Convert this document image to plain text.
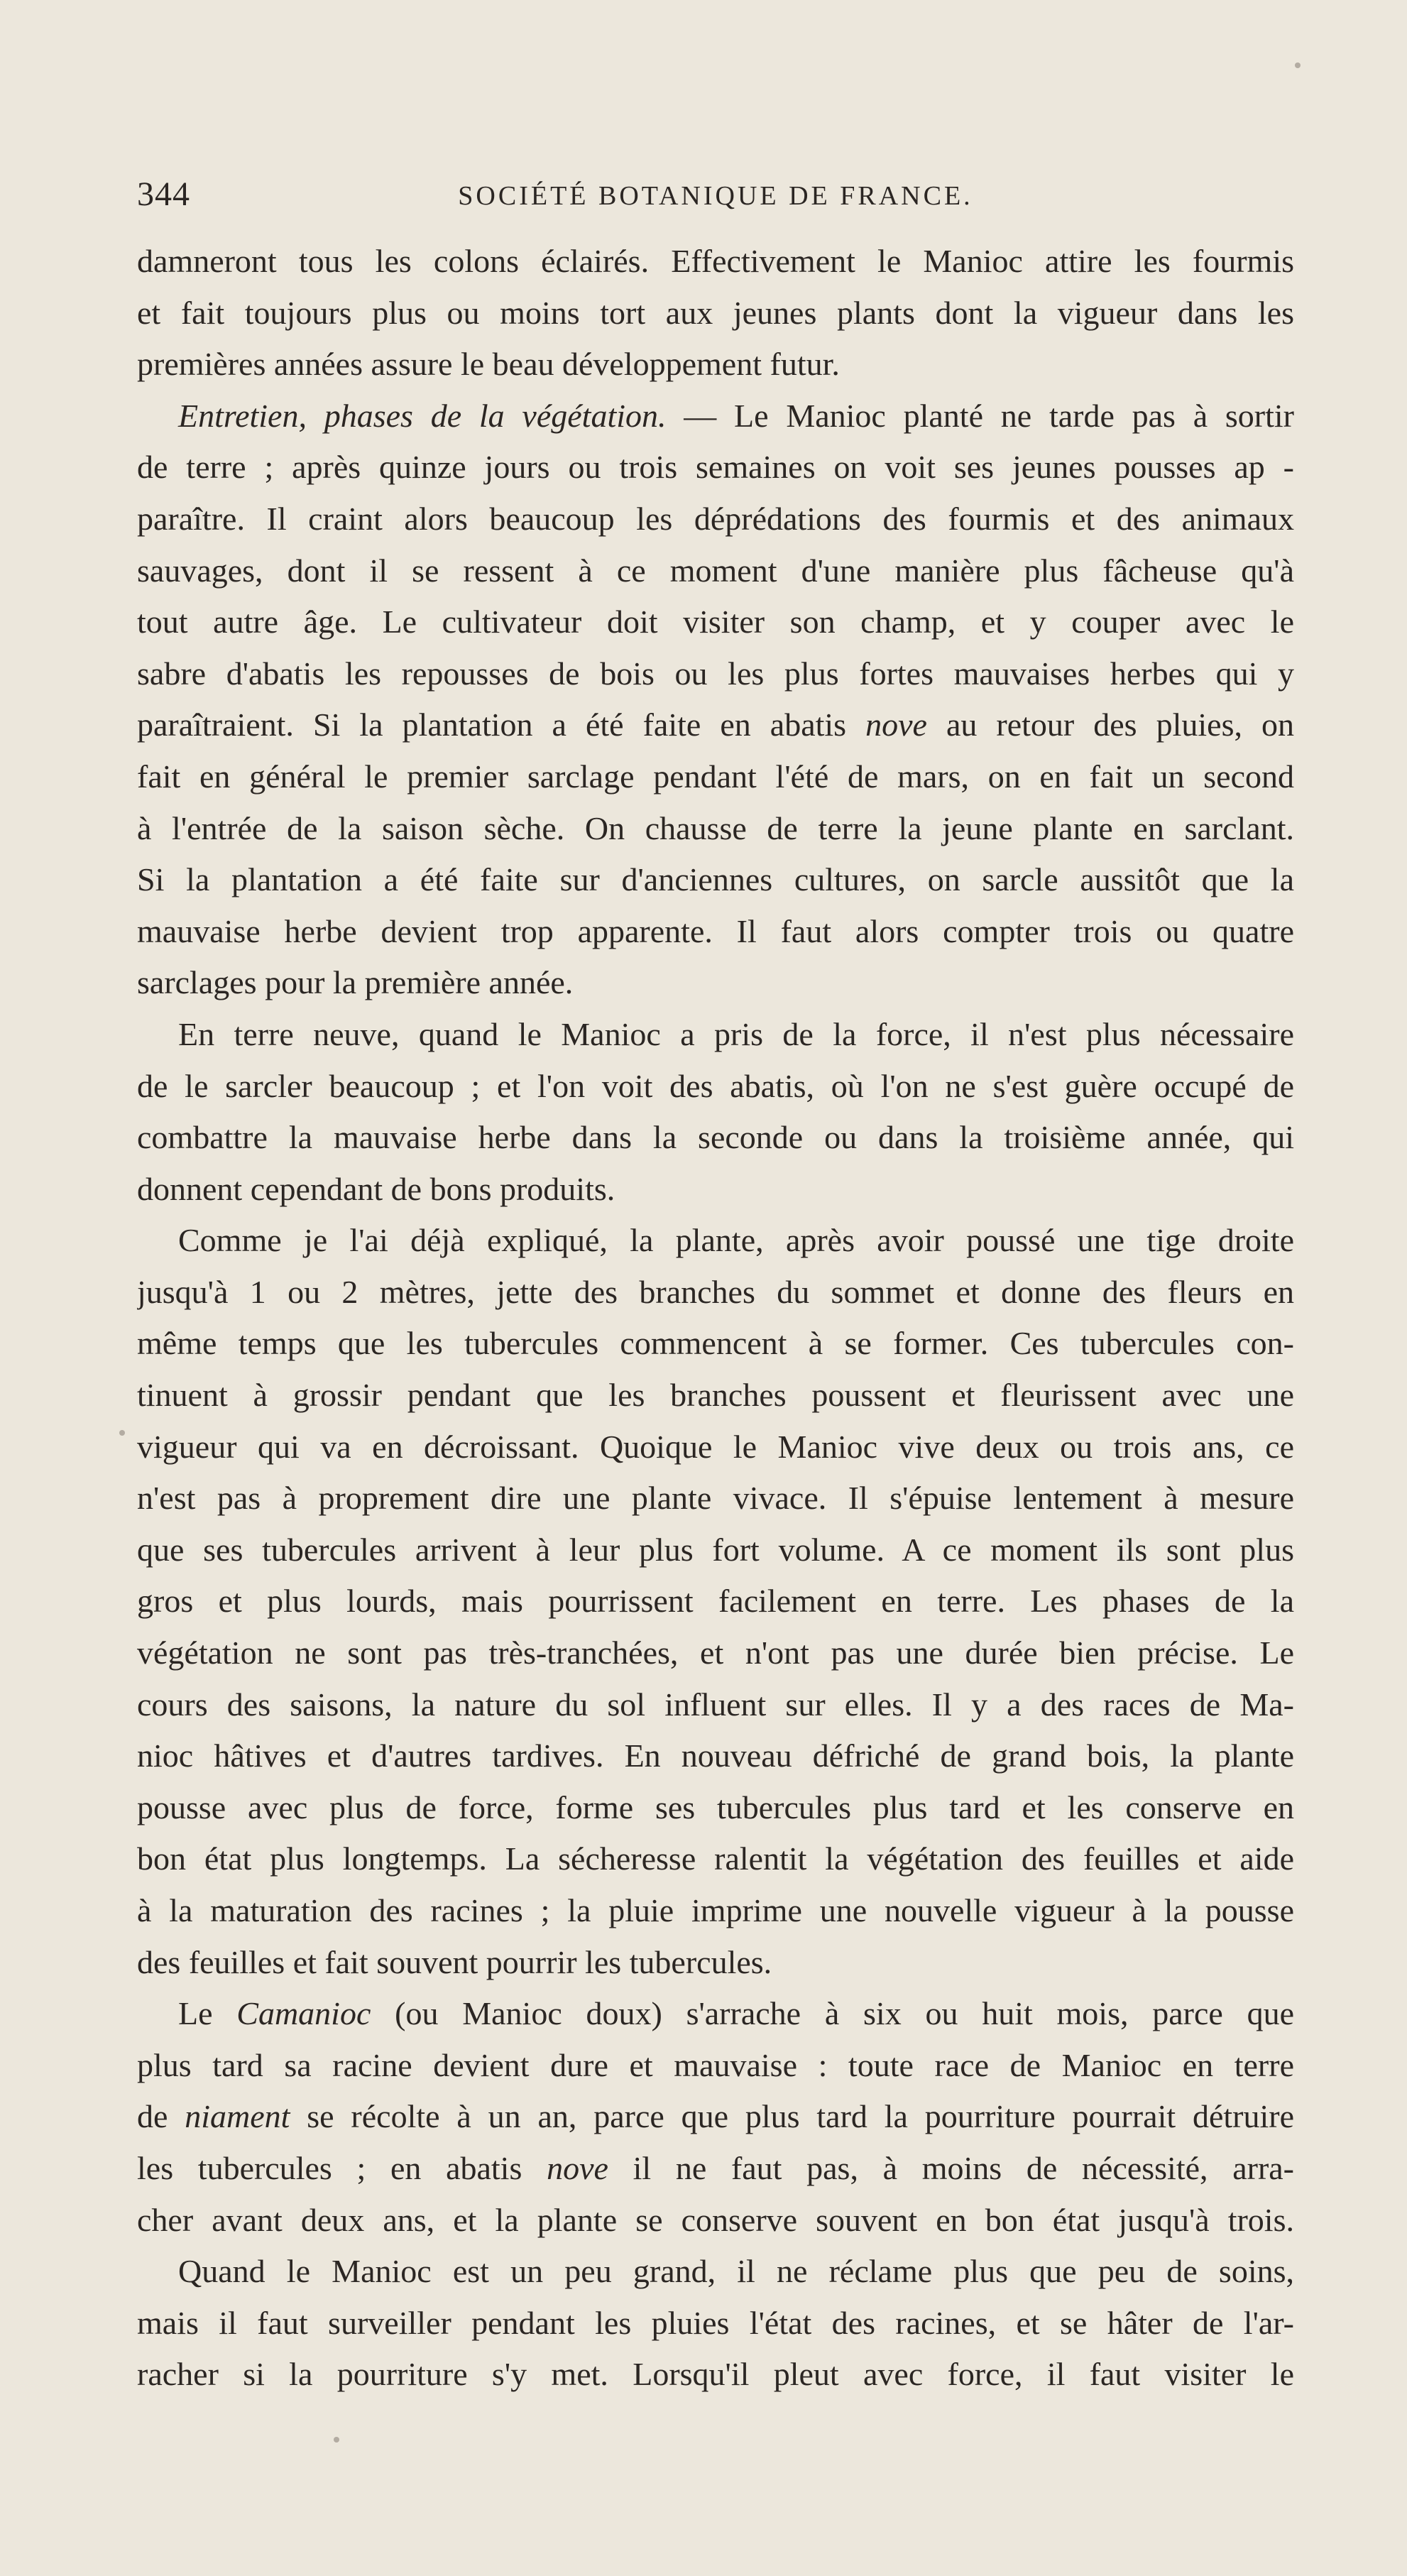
344	SOCIÉTÉ BOTANIQUE DE FRANCE.
damneront tous les colons éclairés. Effectivement le Manioc attire les fourmis
et fait toujours plus ou moins tort aux jeunes plants dont la vigueur dans les
premières années assure le beau développement futur.
Entretien, phases de la végétation. — Le Manioc planté ne tarde pas à sortir
de terre ; après quinze jours ou trois semaines on voit ses jeunes pousses ap -
paraître. Il craint alors beaucoup les déprédations des fourmis et des animaux
sauvages, dont il se ressent à ce moment d'une manière plus fâcheuse qu'à
tout autre âge. Le cultivateur doit visiter son champ, et y couper avec le
sabre d'abatis les repousses de bois ou les plus fortes mauvaises herbes qui y
paraîtraient. Si la plantation a été faite en abatis nove au retour des pluies, on
fait en général le premier sarclage pendant l'été de mars, on en fait un second
à l'entrée de la saison sèche. On chausse de terre la jeune plante en sarclant.
Si la plantation a été faite sur d'anciennes cultures, on sarcle aussitôt que la
mauvaise herbe devient trop apparente. Il faut alors compter trois ou quatre
sarclages pour la première année.
En terre neuve, quand le Manioc a pris de la force, il n'est plus nécessaire
de le sarcler beaucoup ; et l'on voit des abatis, où l'on ne s'est guère occupé de
combattre la mauvaise herbe dans la seconde ou dans la troisième année, qui
donnent cependant de bons produits.
Comme je l'ai déjà expliqué, la plante, après avoir poussé une tige droite
jusqu'à 1 ou 2 mètres, jette des branches du sommet et donne des fleurs en
même temps que les tubercules commencent à se former. Ces tubercules con-
tinuent à grossir pendant que les branches poussent et fleurissent avec une
vigueur qui va en décroissant. Quoique le Manioc vive deux ou trois ans, ce
n'est pas à proprement dire une plante vivace. Il s'épuise lentement à mesure
que ses tubercules arrivent à leur plus fort volume. A ce moment ils sont plus
gros et plus lourds, mais pourrissent facilement en terre. Les phases de la
végétation ne sont pas très-tranchées, et n'ont pas une durée bien précise. Le
cours des saisons, la nature du sol influent sur elles. Il y a des races de Ma-
nioc hâtives et d'autres tardives. En nouveau défriché de grand bois, la plante
pousse avec plus de force, forme ses tubercules plus tard et les conserve en
bon état plus longtemps. La sécheresse ralentit la végétation des feuilles et aide
à la maturation des racines ; la pluie imprime une nouvelle vigueur à la pousse
des feuilles et fait souvent pourrir les tubercules.
Le Camanioc (ou Manioc doux) s'arrache à six ou huit mois, parce que
plus tard sa racine devient dure et mauvaise : toute race de Manioc en terre
de niament se récolte à un an, parce que plus tard la pourriture pourrait détruire
les tubercules ; en abatis nove il ne faut pas, à moins de nécessité, arra-
cher avant deux ans, et la plante se conserve souvent en bon état jusqu'à trois.
Quand le Manioc est un peu grand, il ne réclame plus que peu de soins,
mais il faut surveiller pendant les pluies l'état des racines, et se hâter de l'ar-
racher si la pourriture s'y met. Lorsqu'il pleut avec force, il faut visiter le
